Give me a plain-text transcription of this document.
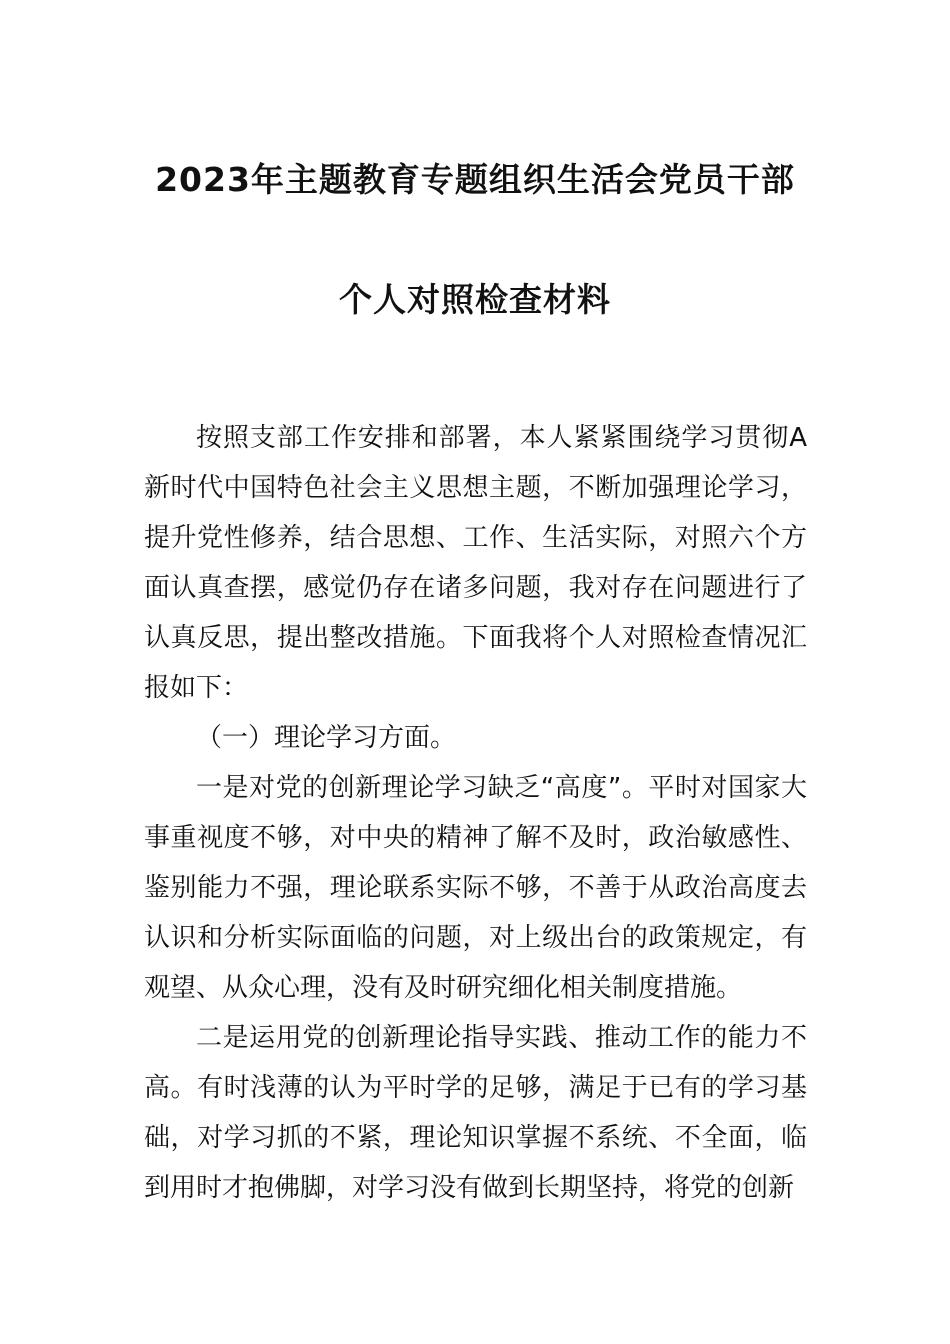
2023年主题教育专题组织生活会党员干部
个人对照检查材料

按照支部工作安排和部署，本人紧紧围绕学习贯彻A新时代中国特色社会主义思想主题，不断加强理论学习，提升党性修养，结合思想、工作、生活实际，对照六个方面认真查摆，感觉仍存在诸多问题，我对存在问题进行了认真反思，提出整改措施。下面我将个人对照检查情况汇报如下：

（一）理论学习方面。

一是对党的创新理论学习缺乏“高度”。平时对国家大事重视度不够，对中央的精神了解不及时，政治敏感性、鉴别能力不强，理论联系实际不够，不善于从政治高度去认识和分析实际面临的问题，对上级出台的政策规定，有观望、从众心理，没有及时研究细化相关制度措施。

二是运用党的创新理论指导实践、推动工作的能力不高。有时浅薄的认为平时学的足够，满足于已有的学习基础，对学习抓的不紧，理论知识掌握不系统、不全面，临到用时才抱佛脚，对学习没有做到长期坚持，将党的创新
